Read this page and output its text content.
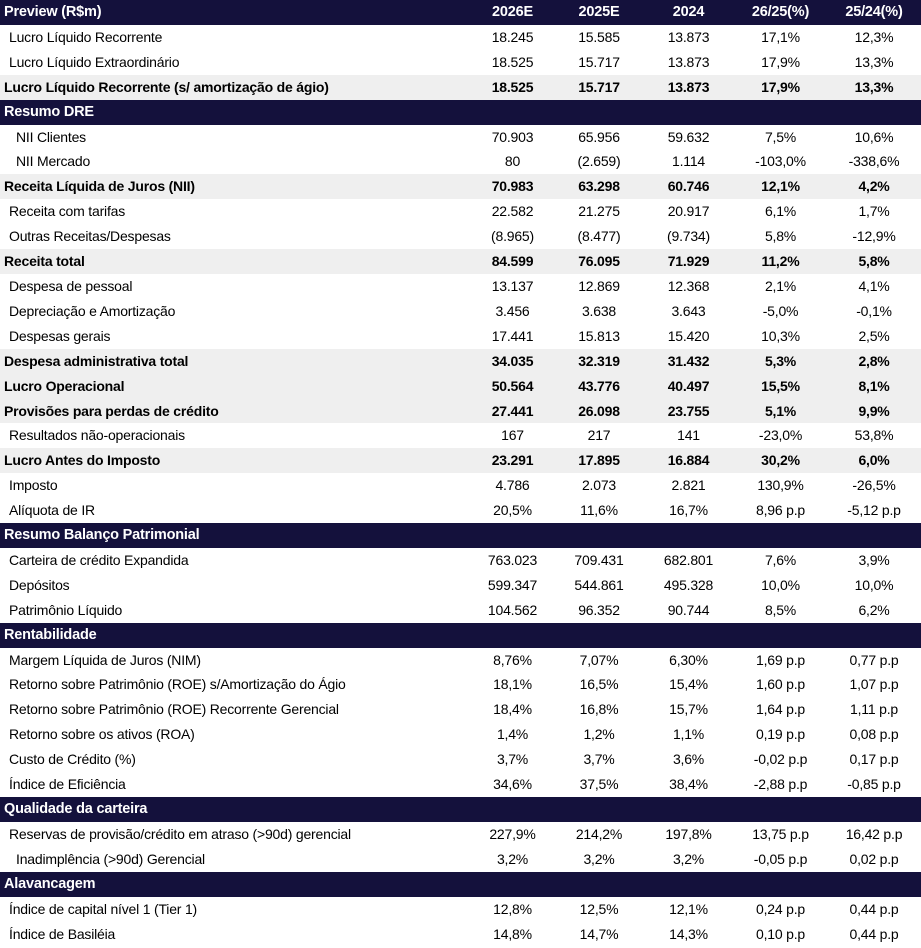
Preview (R$m)	2026E	2025E	2024	26/25(%)	25/24(%)
Lucro Líquido Recorrente	18.245	15.585	13.873	17,1%	12,3%
Lucro Líquido Extraordinário	18.525	15.717	13.873	17,9%	13,3%
Lucro Líquido Recorrente (s/ amortização de ágio)	18.525	15.717	13.873	17,9%	13,3%
Resumo DRE					
NII Clientes	70.903	65.956	59.632	7,5%	10,6%
NII Mercado	80	(2.659)	1.114	-103,0%	-338,6%
Receita Líquida de Juros (NII)	70.983	63.298	60.746	12,1%	4,2%
Receita com tarifas	22.582	21.275	20.917	6,1%	1,7%
Outras Receitas/Despesas	(8.965)	(8.477)	(9.734)	5,8%	-12,9%
Receita total	84.599	76.095	71.929	11,2%	5,8%
Despesa de pessoal	13.137	12.869	12.368	2,1%	4,1%
Depreciação e Amortização	3.456	3.638	3.643	-5,0%	-0,1%
Despesas gerais	17.441	15.813	15.420	10,3%	2,5%
Despesa administrativa total	34.035	32.319	31.432	5,3%	2,8%
Lucro Operacional	50.564	43.776	40.497	15,5%	8,1%
Provisões para perdas de crédito	27.441	26.098	23.755	5,1%	9,9%
Resultados não-operacionais	167	217	141	-23,0%	53,8%
Lucro Antes do Imposto	23.291	17.895	16.884	30,2%	6,0%
Imposto	4.786	2.073	2.821	130,9%	-26,5%
Alíquota de IR	20,5%	11,6%	16,7%	8,96 p.p	-5,12 p.p
Resumo Balanço Patrimonial					
Carteira de crédito Expandida	763.023	709.431	682.801	7,6%	3,9%
Depósitos	599.347	544.861	495.328	10,0%	10,0%
Patrimônio Líquido	104.562	96.352	90.744	8,5%	6,2%
Rentabilidade					
Margem Líquida de Juros (NIM)	8,76%	7,07%	6,30%	1,69 p.p	0,77 p.p
Retorno sobre Patrimônio (ROE) s/Amortização do Ágio	18,1%	16,5%	15,4%	1,60 p.p	1,07 p.p
Retorno sobre Patrimônio (ROE) Recorrente Gerencial	18,4%	16,8%	15,7%	1,64 p.p	1,11 p.p
Retorno sobre os ativos (ROA)	1,4%	1,2%	1,1%	0,19 p.p	0,08 p.p
Custo de Crédito (%)	3,7%	3,7%	3,6%	-0,02 p.p	0,17 p.p
Índice de Eficiência	34,6%	37,5%	38,4%	-2,88 p.p	-0,85 p.p
Qualidade da carteira					
Reservas de provisão/crédito em atraso (>90d) gerencial	227,9%	214,2%	197,8%	13,75 p.p	16,42 p.p
Inadimplência (>90d) Gerencial	3,2%	3,2%	3,2%	-0,05 p.p	0,02 p.p
Alavancagem					
Índice de capital nível 1 (Tier 1)	12,8%	12,5%	12,1%	0,24 p.p	0,44 p.p
Índice de Basiléia	14,8%	14,7%	14,3%	0,10 p.p	0,44 p.p
